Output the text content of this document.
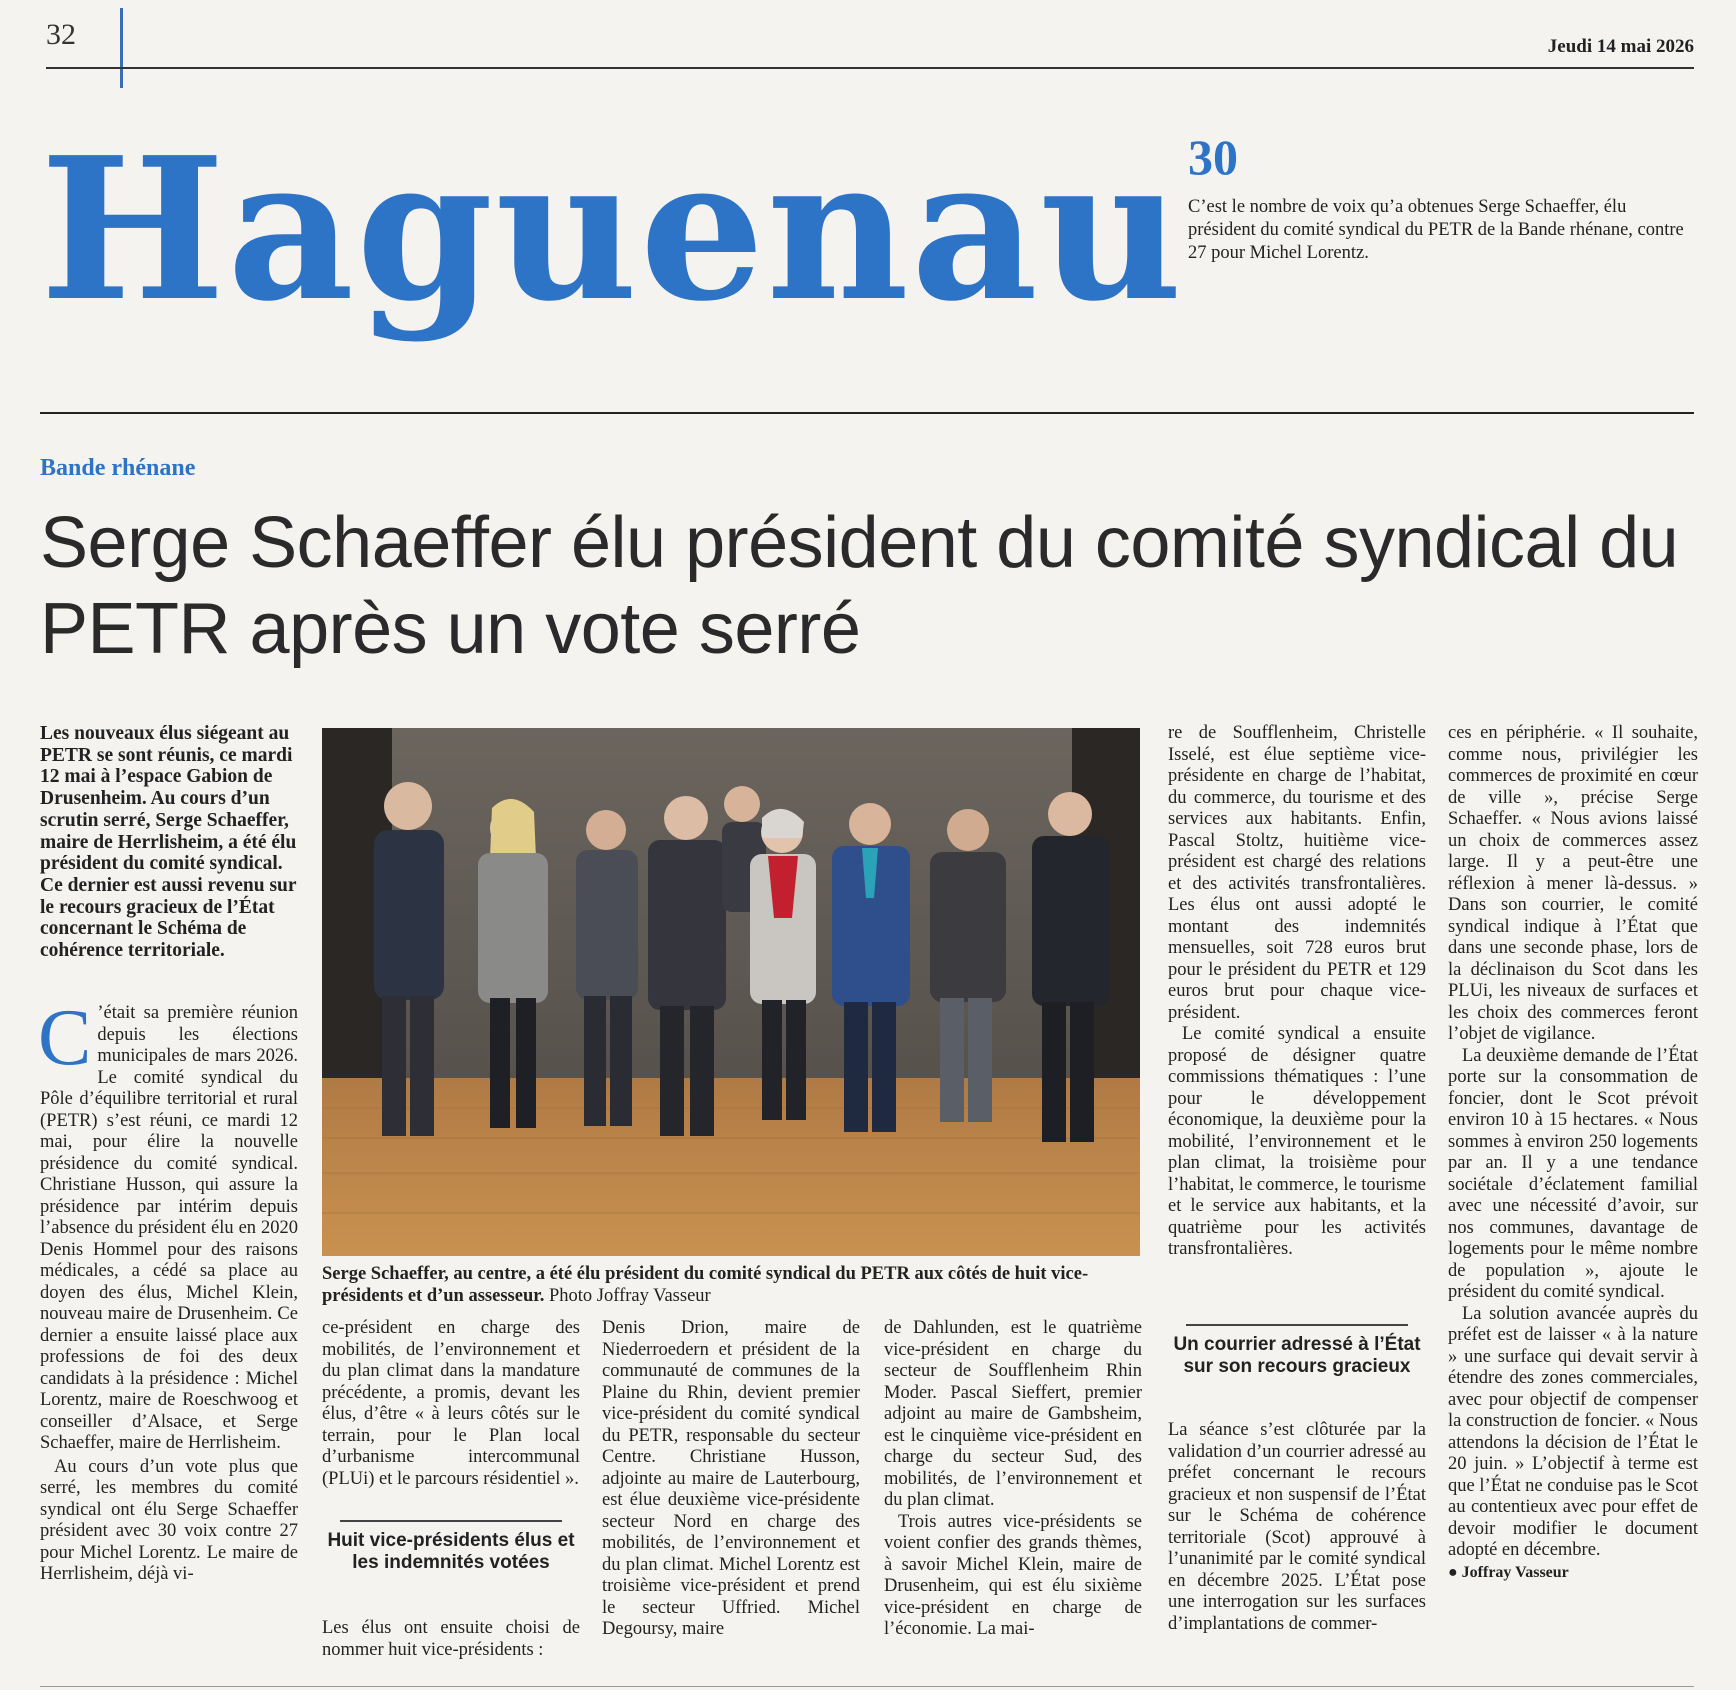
32	Jeudi 14 mai 2026
Haguenau 30
C’est le nombre de voix qu’a obtenues Serge Schaeffer, élu président du comité syndical du PETR de la Bande rhénane, contre 27 pour Michel Lorentz.
Bande rhénane
Serge Schaeffer élu président du comité syndical du PETR après un vote serré

Les nouveaux élus siégeant au PETR se sont réunis, ce mardi 12 mai à l’espace Gabion de Drusenheim. Au cours d’un scrutin serré, Serge Schaeffer, maire de Herrlisheim, a été élu président du comité syndical. Ce dernier est aussi revenu sur le recours gracieux de l’État concernant le Schéma de cohérence territoriale.

C ’était sa première réunion depuis les élections municipales de mars 2026. Le comité syndical du Pôle d’équilibre territorial et rural (PETR) s’est réuni, ce mardi 12 mai, pour élire la nouvelle présidence du comité syndical. Christiane Husson, qui assure la présidence par intérim depuis l’absence du président élu en 2020 Denis Hommel pour des raisons médicales, a cédé sa place au doyen des élus, Michel Klein, nouveau maire de Drusenheim. Ce dernier a ensuite laissé place aux professions de foi des deux candidats à la présidence : Michel Lorentz, maire de Roeschwoog et conseiller d’Alsace, et Serge Schaeffer, maire de Herrlisheim.

Au cours d’un vote plus que serré, les membres du comité syndical ont élu Serge Schaeffer président avec 30 voix contre 27 pour Michel Lorentz. Le maire de Herrlisheim, déjà vi-

Serge Schaeffer, au centre, a été élu président du comité syndical du PETR aux côtés de huit vice-présidents et d’un assesseur. Photo Joffray Vasseur
ce-président en charge des mobilités, de l’environnement et du plan climat dans la mandature précédente, a promis, devant les élus, d’être « à leurs côtés sur le terrain, pour le Plan local d’urbanisme intercommunal (PLUi) et le parcours résidentiel ».
Huit vice-présidents élus et les indemnités votées
Les élus ont ensuite choisi de nommer huit vice-présidents :
Denis Drion, maire de Niederroedern et président de la communauté de communes de la Plaine du Rhin, devient premier vice-président du comité syndical du PETR, responsable du secteur Centre. Christiane Husson, adjointe au maire de Lauterbourg, est élue deuxième vice-présidente secteur Nord en charge des mobilités, de l’environnement et du plan climat. Michel Lorentz est troisième vice-président et prend le secteur Uffried. Michel Degoursy, maire

de Dahlunden, est le quatrième vice-président en charge du secteur de Soufflenheim Rhin Moder. Pascal Sieffert, premier adjoint au maire de Gambsheim, est le cinquième vice-président en charge du secteur Sud, des mobilités, de l’environnement et du plan climat.

Trois autres vice-présidents se voient confier des grands thèmes, à savoir Michel Klein, maire de Drusenheim, qui est élu sixième vice-président en charge de l’économie. La mai-

re de Soufflenheim, Christelle Isselé, est élue septième vice-présidente en charge de l’habitat, du commerce, du tourisme et des services aux habitants. Enfin, Pascal Stoltz, huitième vice-président est chargé des relations et des activités transfrontalières. Les élus ont aussi adopté le montant des indemnités mensuelles, soit 728 euros brut pour le président du PETR et 129 euros brut pour chaque vice-président.

Le comité syndical a ensuite proposé de désigner quatre commissions thématiques : l’une pour le développement économique, la deuxième pour la mobilité, l’environnement et le plan climat, la troisième pour l’habitat, le commerce, le tourisme et le service aux habitants, et la quatrième pour les activités transfrontalières.

Un courrier adressé à l’État sur son recours gracieux
La séance s’est clôturée par la validation d’un courrier adressé au préfet concernant le recours gracieux et non suspensif de l’État sur le Schéma de cohérence territoriale (Scot) approuvé à l’unanimité par le comité syndical en décembre 2025. L’État pose une interrogation sur les surfaces d’implantations de commer-

ces en périphérie. « Il souhaite, comme nous, privilégier les commerces de proximité en cœur de ville », précise Serge Schaeffer. « Nous avions laissé un choix de commerces assez large. Il y a peut-être une réflexion à mener là-dessus. » Dans son courrier, le comité syndical indique à l’État que dans une seconde phase, lors de la déclinaison du Scot dans les PLUi, les niveaux de surfaces et les choix des commerces feront l’objet de vigilance.

La deuxième demande de l’État porte sur la consommation de foncier, dont le Scot prévoit environ 10 à 15 hectares. « Nous sommes à environ 250 logements par an. Il y a une tendance sociétale d’éclatement familial avec une nécessité d’avoir, sur nos communes, davantage de logements pour le même nombre de population », ajoute le président du comité syndical.

La solution avancée auprès du préfet est de laisser « à la nature » une surface qui devait servir à étendre des zones commerciales, avec pour objectif de compenser la construction de foncier. « Nous attendons la décision de l’État le 20 juin. » L’objectif à terme est que l’État ne conduise pas le Scot au contentieux avec pour effet de devoir modifier le document adopté en décembre.

● Joffray Vasseur
